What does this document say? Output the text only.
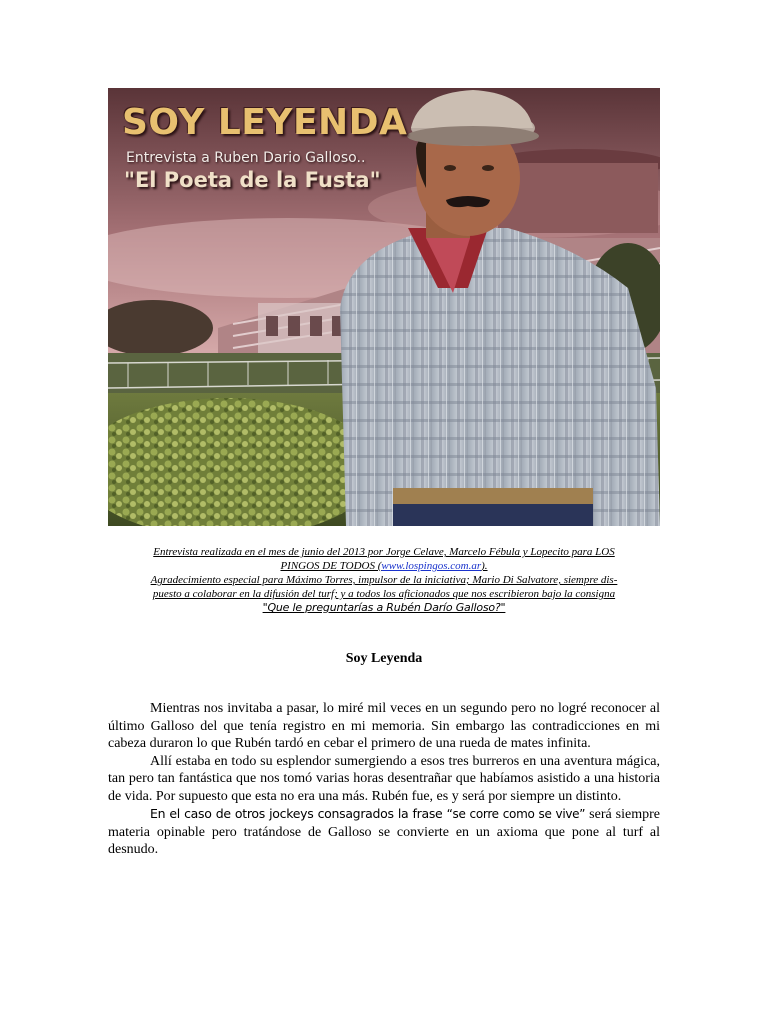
SOY LEYENDA
Entrevista a Ruben Dario Galloso..
"El Poeta de la Fusta"
Entrevista realizada en el mes de junio del 2013 por Jorge Celave, Marcelo Fébula y Lopecito para LOS
PINGOS DE TODOS (www.lospingos.com.ar).
Agradecimiento especial para Máximo Torres, impulsor de la iniciativa; Mario Di Salvatore, siempre dis-
puesto a colaborar en la difusión del turf; y a todos los aficionados que nos escribieron bajo la consigna
"Que le preguntarías a Rubén Darío Galloso?"
Soy Leyenda

Mientras nos invitaba a pasar, lo miré mil veces en un segundo pero no logré reconocer al último Galloso del que tenía registro en mi memoria. Sin embargo las contradicciones en mi cabeza duraron lo que Rubén tardó en cebar el primero de una rueda de mates infinita.

Allí estaba en todo su esplendor sumergiendo a esos tres burreros en una aventura mágica, tan pero tan fantástica que nos tomó varias horas desentrañar que habíamos asistido a una historia de vida. Por supuesto que esta no era una más. Rubén fue, es y será por siempre un distinto.

En el caso de otros jockeys consagrados la frase “se corre como se vive” será siempre materia opinable pero tratándose de Galloso se convierte en un axioma que pone al turf al desnudo.
